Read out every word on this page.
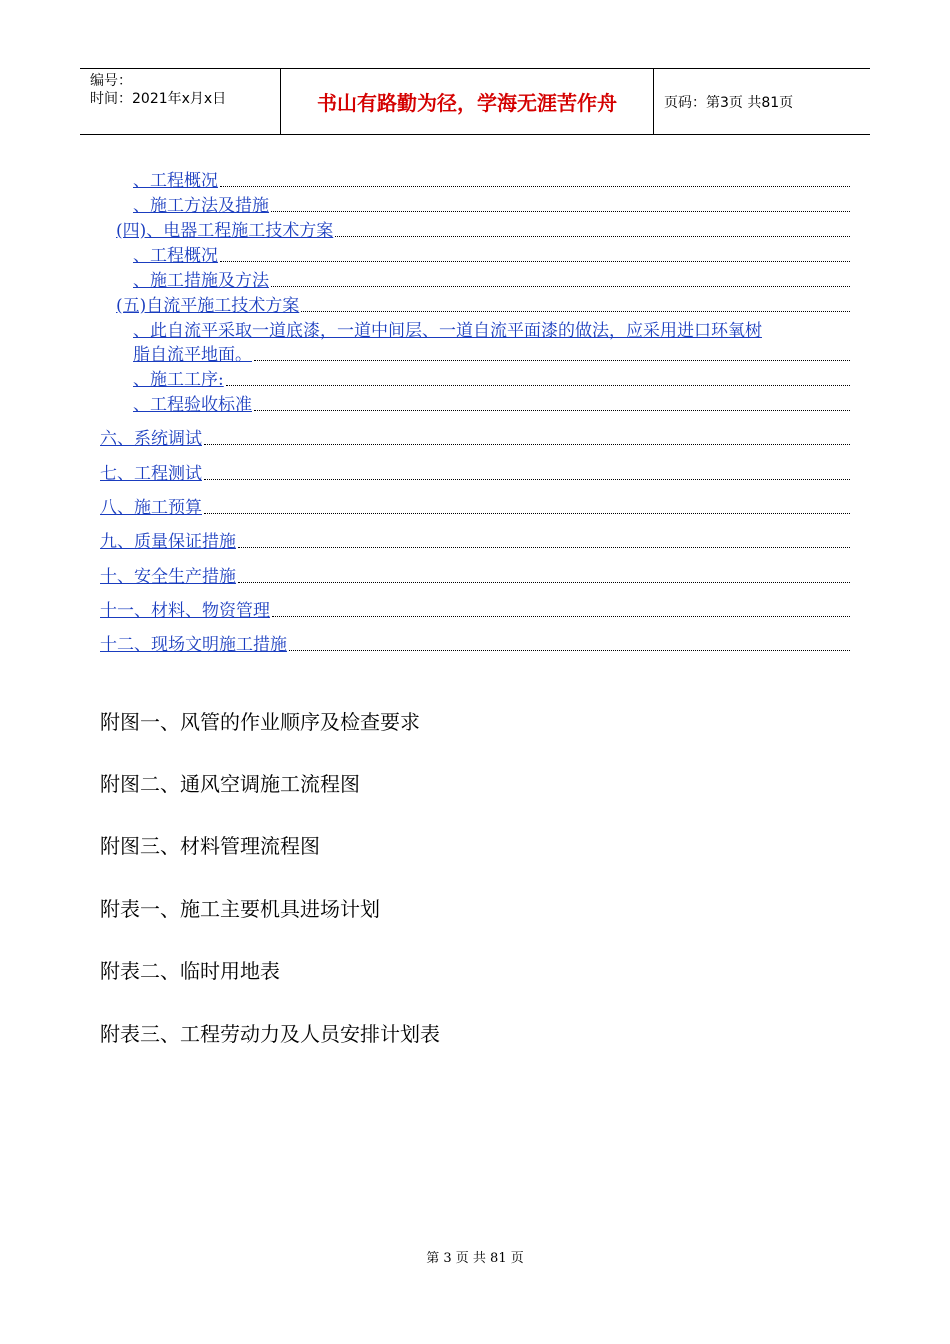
编号：
时间：2021年x月x日	书山有路勤为径，学海无涯苦作舟	页码：第3页 共81页
、工程概况
、施工方法及措施
(四)、电器工程施工技术方案
、工程概况
、施工措施及方法
(五)自流平施工技术方案
、此自流平采取一道底漆，一道中间层、一道自流平面漆的做法，应采用进口环氧树
脂自流平地面。
、施工工序:
、工程验收标准
六、系统调试
七、工程测试
八、施工预算
九、质量保证措施
十、安全生产措施
十一、材料、物资管理
十二、现场文明施工措施
附图一、风管的作业顺序及检查要求
附图二、通风空调施工流程图
附图三、材料管理流程图
附表一、施工主要机具进场计划
附表二、临时用地表
附表三、工程劳动力及人员安排计划表
第 3 页 共 81 页
